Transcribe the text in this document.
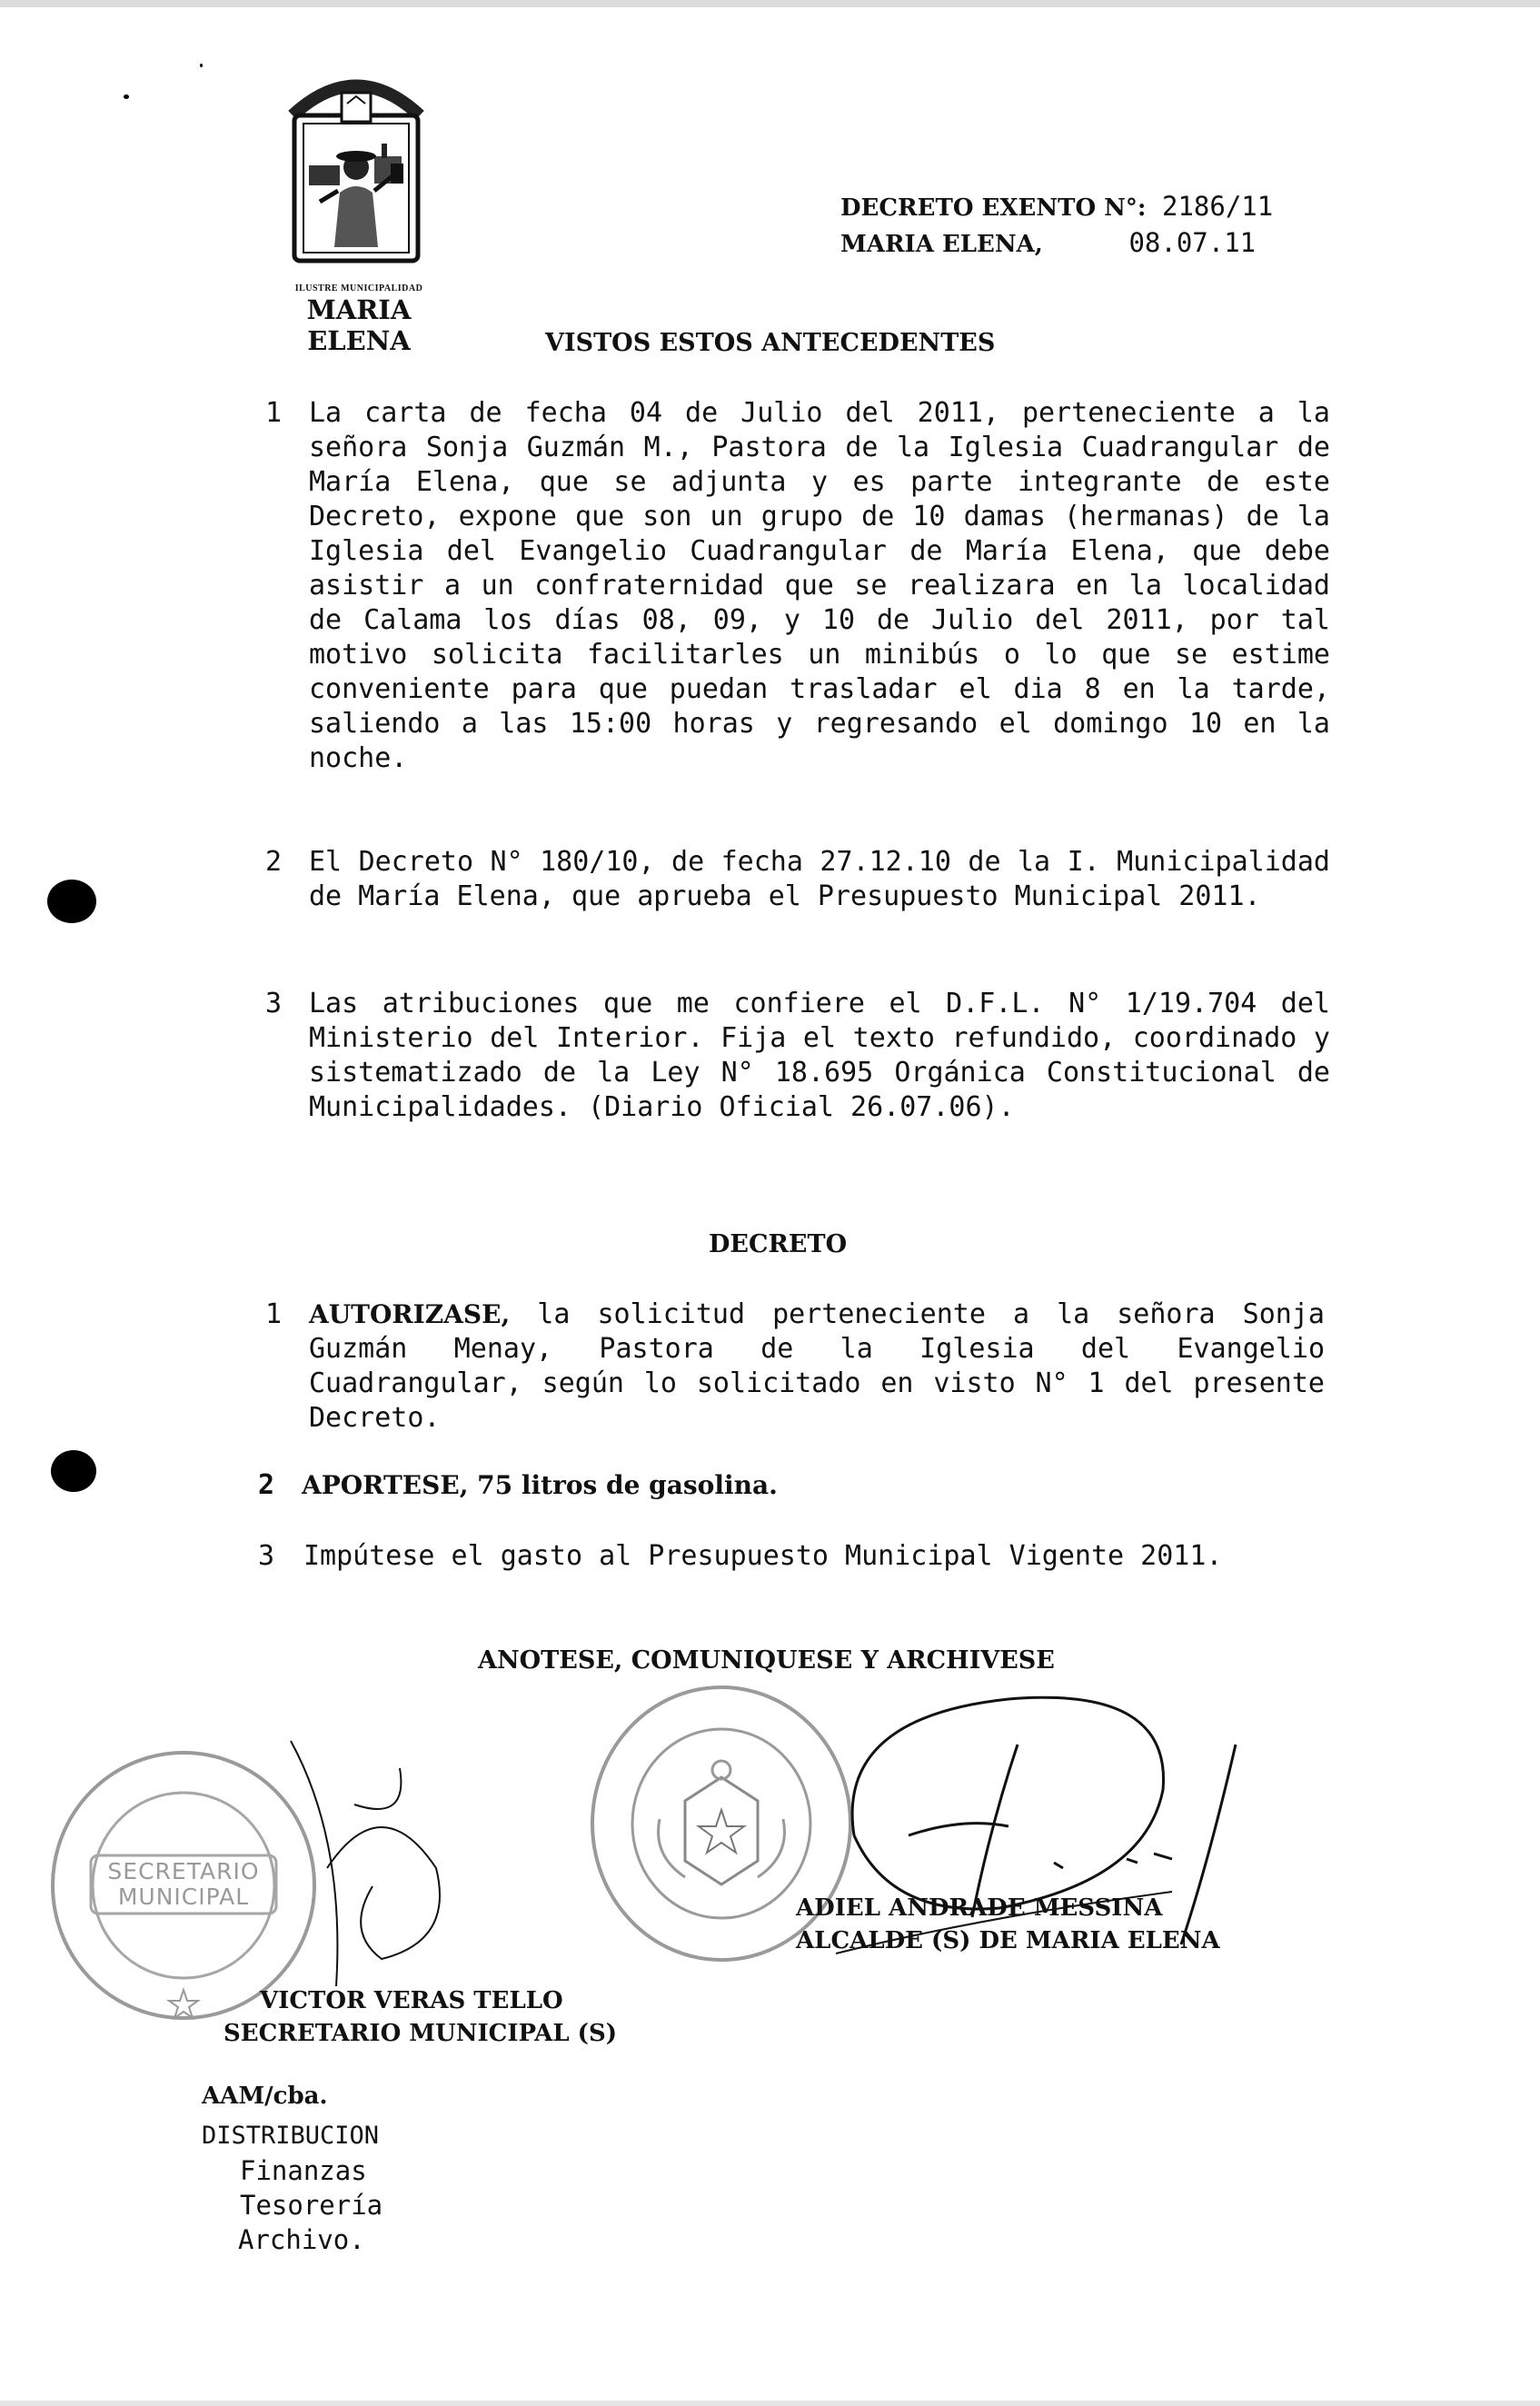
ILUSTRE MUNICIPALIDAD
MARIA ELENA
DECRETO EXENTO N°: 2186/11
MARIA ELENA,	08.07.11
VISTOS ESTOS ANTECEDENTES
1 La carta de fecha 04 de Julio del 2011, perteneciente a la señora Sonja Guzmán M., Pastora de la Iglesia Cuadrangular de María Elena, que se adjunta y es parte integrante de este Decreto, expone que son un grupo de 10 damas (hermanas) de la Iglesia del Evangelio Cuadrangular de María Elena, que debe asistir a un confraternidad que se realizara en la localidad de Calama los días 08, 09, y 10 de Julio del 2011, por tal motivo solicita facilitarles un minibús o lo que se estime conveniente para que puedan trasladar el dia 8 en la tarde, saliendo a las 15:00 horas y regresando el domingo 10 en la noche.
2 El Decreto N° 180/10, de fecha 27.12.10 de la I. Municipalidad de María Elena, que aprueba el Presupuesto Municipal 2011.
3 Las atribuciones que me confiere el D.F.L. N° 1/19.704 del Ministerio del Interior. Fija el texto refundido, coordinado y sistematizado de la Ley N° 18.695 Orgánica Constitucional de Municipalidades. (Diario Oficial 26.07.06).
DECRETO
1 AUTORIZASE, la solicitud perteneciente a la señora Sonja Guzmán Menay, Pastora de la Iglesia del Evangelio Cuadrangular, según lo solicitado en visto N° 1 del presente Decreto.
2 APORTESE, 75 litros de gasolina.
3 Impútese el gasto al Presupuesto Municipal Vigente 2011.
ANOTESE, COMUNIQUESE Y ARCHIVESE
SECRETARIO
MUNICIPAL	ADIEL ANDRADE MESSINA
ALCALDE (S) DE MARIA ELENA
VICTOR VERAS TELLO
SECRETARIO MUNICIPAL (S)
AAM/cba.
DISTRIBUCION
Finanzas
Tesorería
Archivo.
